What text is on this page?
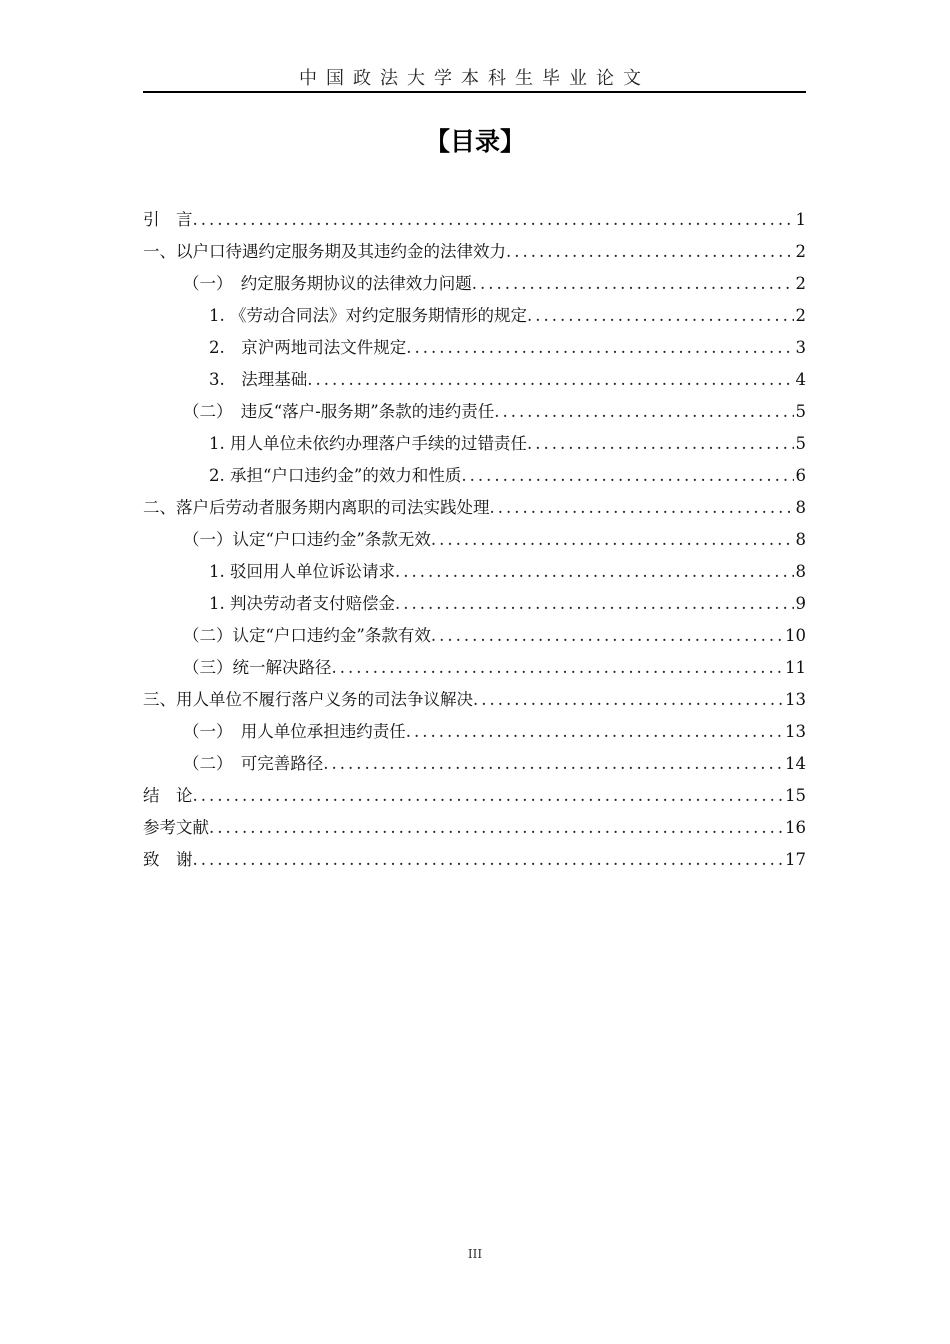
中国政法大学本科生毕业论文
【目录】
引　言 .....	1
一、以户口待遇约定服务期及其违约金的法律效力 .....	2
（一）　约定服务期协议的法律效力问题 .....	2
1. 《劳动合同法》对约定服务期情形的规定 .....	2
2.　京沪两地司法文件规定 .....	3
3.　法理基础 .....	4
（二）　违反“落户-服务期”条款的违约责任 .....	5
1. 用人单位未依约办理落户手续的过错责任 .....	5
2. 承担“户口违约金”的效力和性质 .....	6
二、落户后劳动者服务期内离职的司法实践处理 .....	8
（一）认定“户口违约金”条款无效 .....	8
1. 驳回用人单位诉讼请求 .....	8
1. 判决劳动者支付赔偿金 .....	9
（二）认定“户口违约金”条款有效 .....	10
（三）统一解决路径 .....	11
三、用人单位不履行落户义务的司法争议解决 .....	13
（一）　用人单位承担违约责任 .....	13
（二）　可完善路径 .....	14
结　论 .....	15
参考文献 .....	16
致　谢 .....	17
III
